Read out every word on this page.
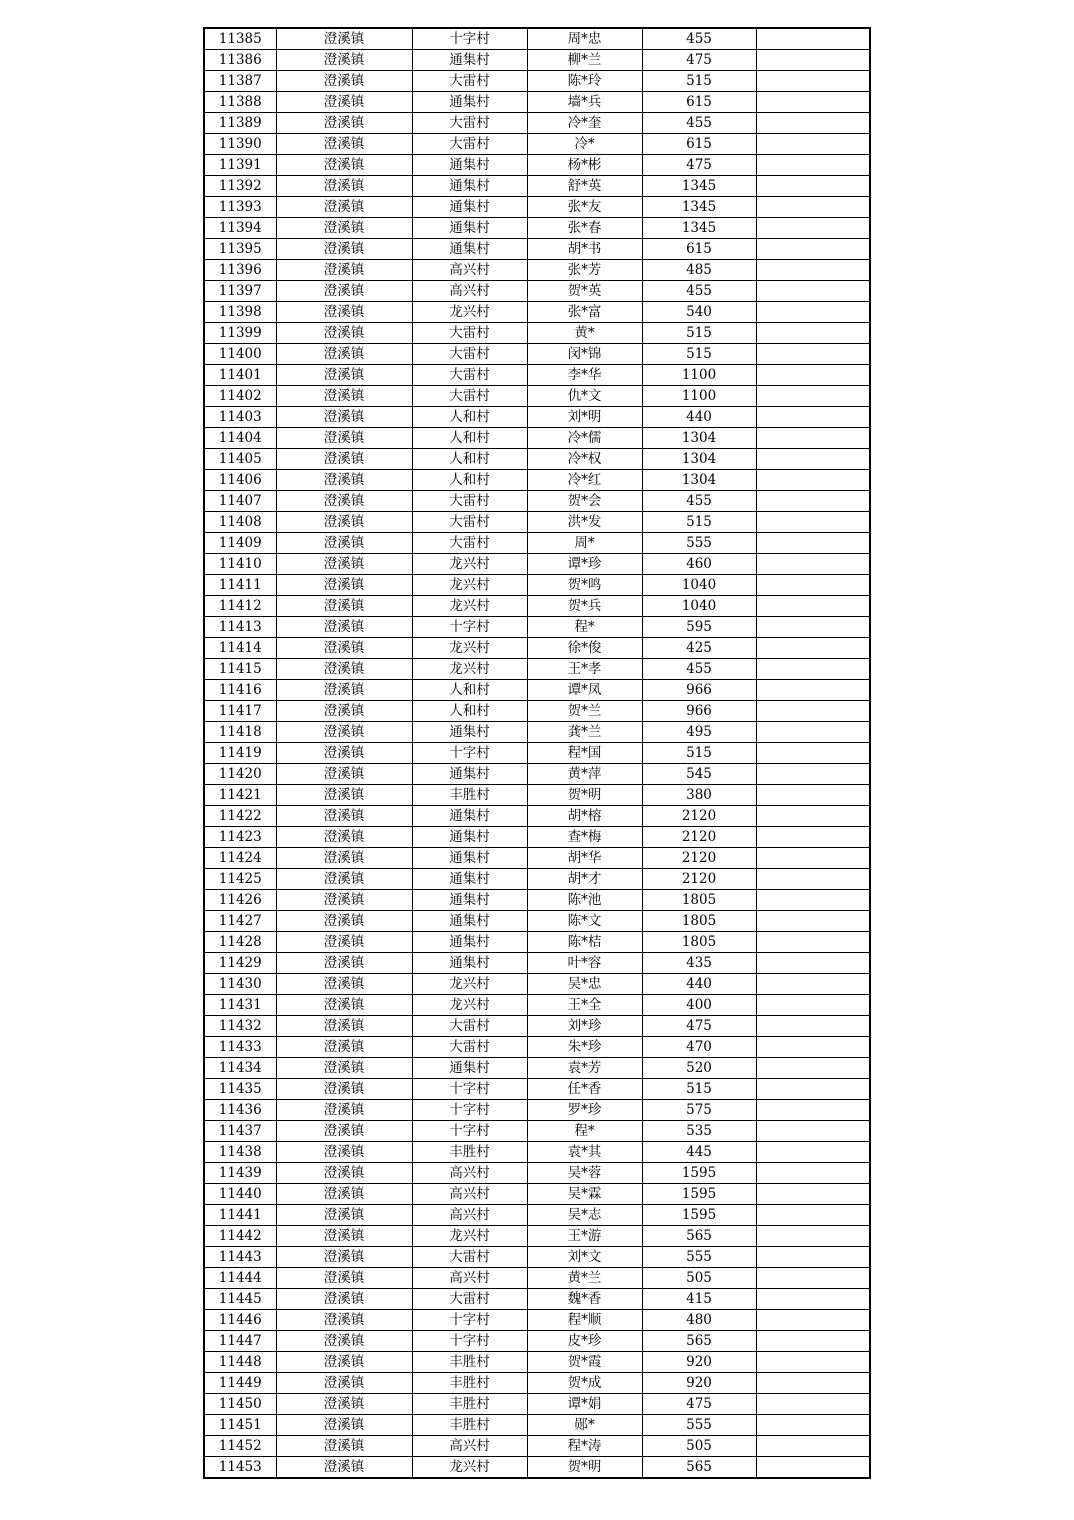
11385	澄溪镇	十字村	周*忠	455	
11386	澄溪镇	通集村	柳*兰	475	
11387	澄溪镇	大雷村	陈*玲	515	
11388	澄溪镇	通集村	墙*兵	615	
11389	澄溪镇	大雷村	冷*奎	455	
11390	澄溪镇	大雷村	冷*	615	
11391	澄溪镇	通集村	杨*彬	475	
11392	澄溪镇	通集村	舒*英	1345	
11393	澄溪镇	通集村	张*友	1345	
11394	澄溪镇	通集村	张*春	1345	
11395	澄溪镇	通集村	胡*书	615	
11396	澄溪镇	高兴村	张*芳	485	
11397	澄溪镇	高兴村	贺*英	455	
11398	澄溪镇	龙兴村	张*富	540	
11399	澄溪镇	大雷村	黄*	515	
11400	澄溪镇	大雷村	闵*锦	515	
11401	澄溪镇	大雷村	李*华	1100	
11402	澄溪镇	大雷村	仇*文	1100	
11403	澄溪镇	人和村	刘*明	440	
11404	澄溪镇	人和村	冷*儒	1304	
11405	澄溪镇	人和村	冷*权	1304	
11406	澄溪镇	人和村	冷*红	1304	
11407	澄溪镇	大雷村	贺*会	455	
11408	澄溪镇	大雷村	洪*发	515	
11409	澄溪镇	大雷村	周*	555	
11410	澄溪镇	龙兴村	谭*珍	460	
11411	澄溪镇	龙兴村	贺*鸣	1040	
11412	澄溪镇	龙兴村	贺*兵	1040	
11413	澄溪镇	十字村	程*	595	
11414	澄溪镇	龙兴村	徐*俊	425	
11415	澄溪镇	龙兴村	王*孝	455	
11416	澄溪镇	人和村	谭*凤	966	
11417	澄溪镇	人和村	贺*兰	966	
11418	澄溪镇	通集村	龚*兰	495	
11419	澄溪镇	十字村	程*国	515	
11420	澄溪镇	通集村	黄*萍	545	
11421	澄溪镇	丰胜村	贺*明	380	
11422	澄溪镇	通集村	胡*榕	2120	
11423	澄溪镇	通集村	查*梅	2120	
11424	澄溪镇	通集村	胡*华	2120	
11425	澄溪镇	通集村	胡*才	2120	
11426	澄溪镇	通集村	陈*池	1805	
11427	澄溪镇	通集村	陈*文	1805	
11428	澄溪镇	通集村	陈*桔	1805	
11429	澄溪镇	通集村	叶*容	435	
11430	澄溪镇	龙兴村	吴*忠	440	
11431	澄溪镇	龙兴村	王*全	400	
11432	澄溪镇	大雷村	刘*珍	475	
11433	澄溪镇	大雷村	朱*珍	470	
11434	澄溪镇	通集村	袁*芳	520	
11435	澄溪镇	十字村	任*香	515	
11436	澄溪镇	十字村	罗*珍	575	
11437	澄溪镇	十字村	程*	535	
11438	澄溪镇	丰胜村	袁*其	445	
11439	澄溪镇	高兴村	吴*蓉	1595	
11440	澄溪镇	高兴村	吴*霖	1595	
11441	澄溪镇	高兴村	吴*志	1595	
11442	澄溪镇	龙兴村	王*游	565	
11443	澄溪镇	大雷村	刘*文	555	
11444	澄溪镇	高兴村	黄*兰	505	
11445	澄溪镇	大雷村	魏*香	415	
11446	澄溪镇	十字村	程*顺	480	
11447	澄溪镇	十字村	皮*珍	565	
11448	澄溪镇	丰胜村	贺*霞	920	
11449	澄溪镇	丰胜村	贺*成	920	
11450	澄溪镇	丰胜村	谭*娟	475	
11451	澄溪镇	丰胜村	郧*	555	
11452	澄溪镇	高兴村	程*涛	505	
11453	澄溪镇	龙兴村	贺*明	565	
